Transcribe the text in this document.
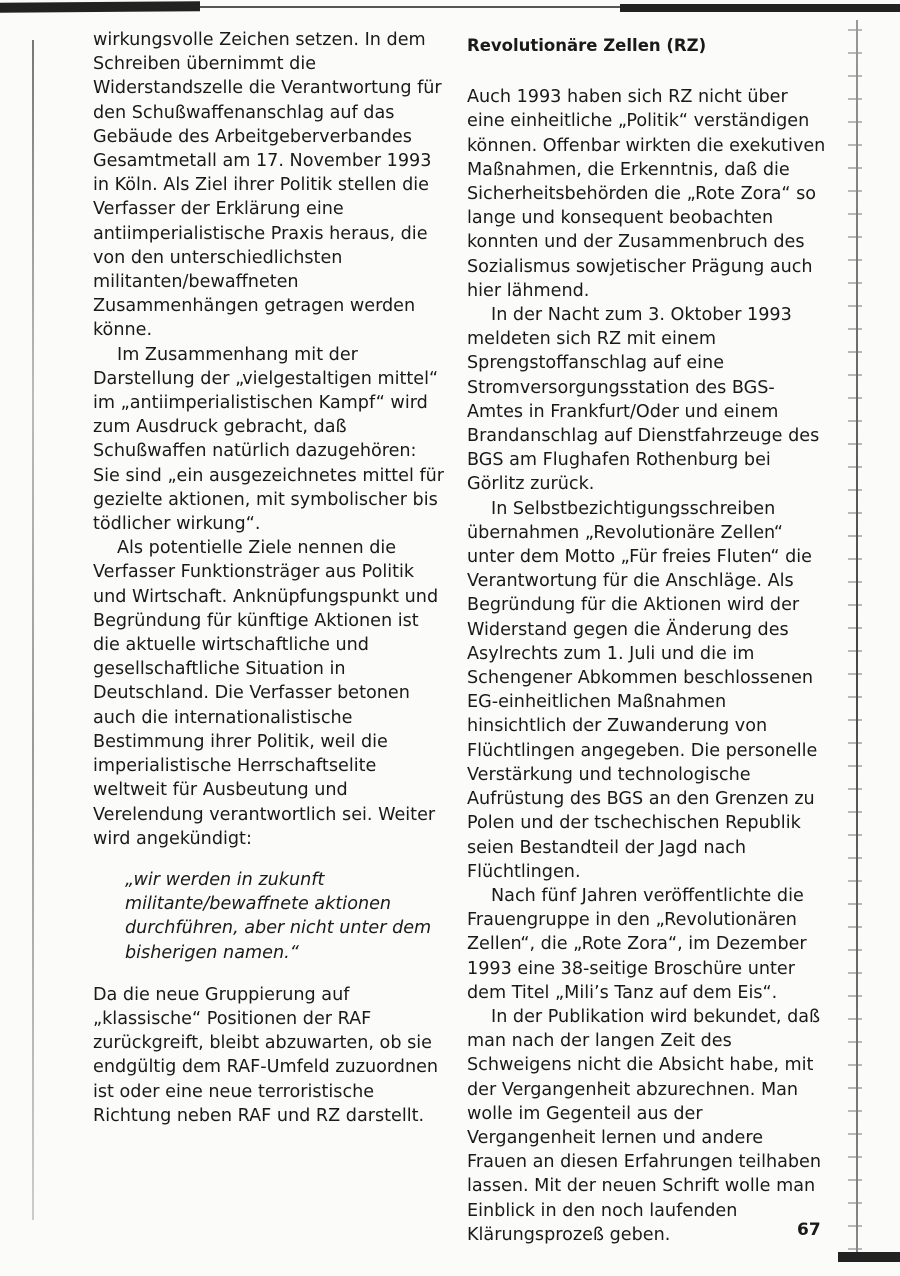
wirkungsvolle Zeichen setzen. In dem Schreiben übernimmt die Widerstandszelle die Verantwortung für den Schußwaffenanschlag auf das Gebäude des Arbeitgeberverbandes Gesamtmetall am 17. November 1993 in Köln. Als Ziel ihrer Politik stellen die Verfasser der Erklärung eine antiimperialistische Praxis heraus, die von den unterschiedlichsten militanten/bewaffneten Zusammenhängen getragen werden könne.

Im Zusammenhang mit der Darstellung der „vielgestaltigen mittel“ im „antiimperialistischen Kampf“ wird zum Ausdruck gebracht, daß Schußwaffen natürlich dazugehören: Sie sind „ein ausgezeichnetes mittel für gezielte aktionen, mit symbolischer bis tödlicher wirkung“.

Als potentielle Ziele nennen die Verfasser Funktionsträger aus Politik und Wirtschaft. Anknüpfungspunkt und Begründung für künftige Aktionen ist die aktuelle wirtschaftliche und gesellschaftliche Situation in Deutschland. Die Verfasser betonen auch die internationalistische Bestimmung ihrer Politik, weil die imperialistische Herrschaftselite weltweit für Ausbeutung und Verelendung verantwortlich sei. Weiter wird angekündigt:

„wir werden in zukunft militante/bewaffnete aktionen durchführen, aber nicht unter dem bisherigen namen.“

Da die neue Gruppierung auf „klassische“ Positionen der RAF zurückgreift, bleibt abzuwarten, ob sie endgültig dem RAF-Umfeld zuzuordnen ist oder eine neue terroristische Richtung neben RAF und RZ darstellt.

Revolutionäre Zellen (RZ)

Auch 1993 haben sich RZ nicht über eine einheitliche „Politik“ verständigen können. Offenbar wirkten die exekutiven Maßnahmen, die Erkenntnis, daß die Sicherheitsbehörden die „Rote Zora“ so lange und konsequent beobachten konnten und der Zusammenbruch des Sozialismus sowjetischer Prägung auch hier lähmend.

In der Nacht zum 3. Oktober 1993 meldeten sich RZ mit einem Sprengstoffanschlag auf eine Stromversorgungsstation des BGS-Amtes in Frankfurt/Oder und einem Brandanschlag auf Dienstfahrzeuge des BGS am Flughafen Rothenburg bei Görlitz zurück.

In Selbstbezichtigungsschreiben übernahmen „Revolutionäre Zellen“ unter dem Motto „Für freies Fluten“ die Verantwortung für die Anschläge. Als Begründung für die Aktionen wird der Widerstand gegen die Änderung des Asylrechts zum 1. Juli und die im Schengener Abkommen beschlossenen EG-einheitlichen Maßnahmen hinsichtlich der Zuwanderung von Flüchtlingen angegeben. Die personelle Verstärkung und technologische Aufrüstung des BGS an den Grenzen zu Polen und der tschechischen Republik seien Bestandteil der Jagd nach Flüchtlingen.

Nach fünf Jahren veröffentlichte die Frauengruppe in den „Revolutionären Zellen“, die „Rote Zora“, im Dezember 1993 eine 38-seitige Broschüre unter dem Titel „Mili’s Tanz auf dem Eis“.

In der Publikation wird bekundet, daß man nach der langen Zeit des Schweigens nicht die Absicht habe, mit der Vergangenheit abzurechnen. Man wolle im Gegenteil aus der Vergangenheit lernen und andere Frauen an diesen Erfahrungen teilhaben lassen. Mit der neuen Schrift wolle man Einblick in den noch laufenden Klärungsprozeß geben.	67
